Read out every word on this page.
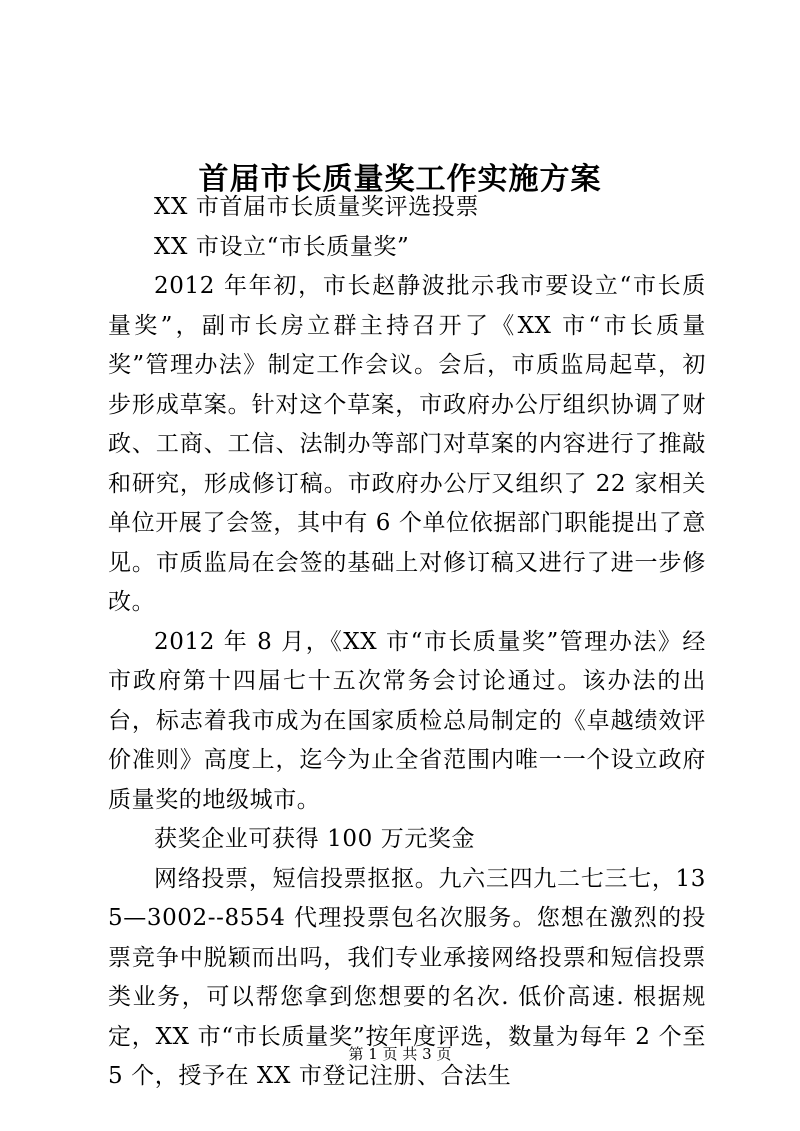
首届市长质量奖工作实施方案

XX 市首届市长质量奖评选投票

XX 市设立“市长质量奖”

2012 年年初，市长赵静波批示我市要设立“市长质量奖”，副市长房立群主持召开了《XX 市“市长质量奖”管理办法》制定工作会议。会后，市质监局起草，初步形成草案。针对这个草案，市政府办公厅组织协调了财政、工商、工信、法制办等部门对草案的内容进行了推敲和研究，形成修订稿。市政府办公厅又组织了 22 家相关单位开展了会签，其中有 6 个单位依据部门职能提出了意见。市质监局在会签的基础上对修订稿又进行了进一步修改。

2012 年 8 月，《XX 市“市长质量奖”管理办法》经市政府第十四届七十五次常务会讨论通过。该办法的出台，标志着我市成为在国家质检总局制定的《卓越绩效评价准则》高度上，迄今为止全省范围内唯一一个设立政府质量奖的地级城市。

获奖企业可获得 100 万元奖金

网络投票，短信投票抠抠。九六三四九二七三七，135—3002--8554 代理投票包名次服务。您想在激烈的投票竞争中脱颖而出吗，我们专业承接网络投票和短信投票类业务，可以帮您拿到您想要的名次. 低价高速. 根据规定，XX 市“市长质量奖”按年度评选，数量为每年 2 个至 5 个，授予在 XX 市登记注册、合法生

第 1 页 共 3 页
